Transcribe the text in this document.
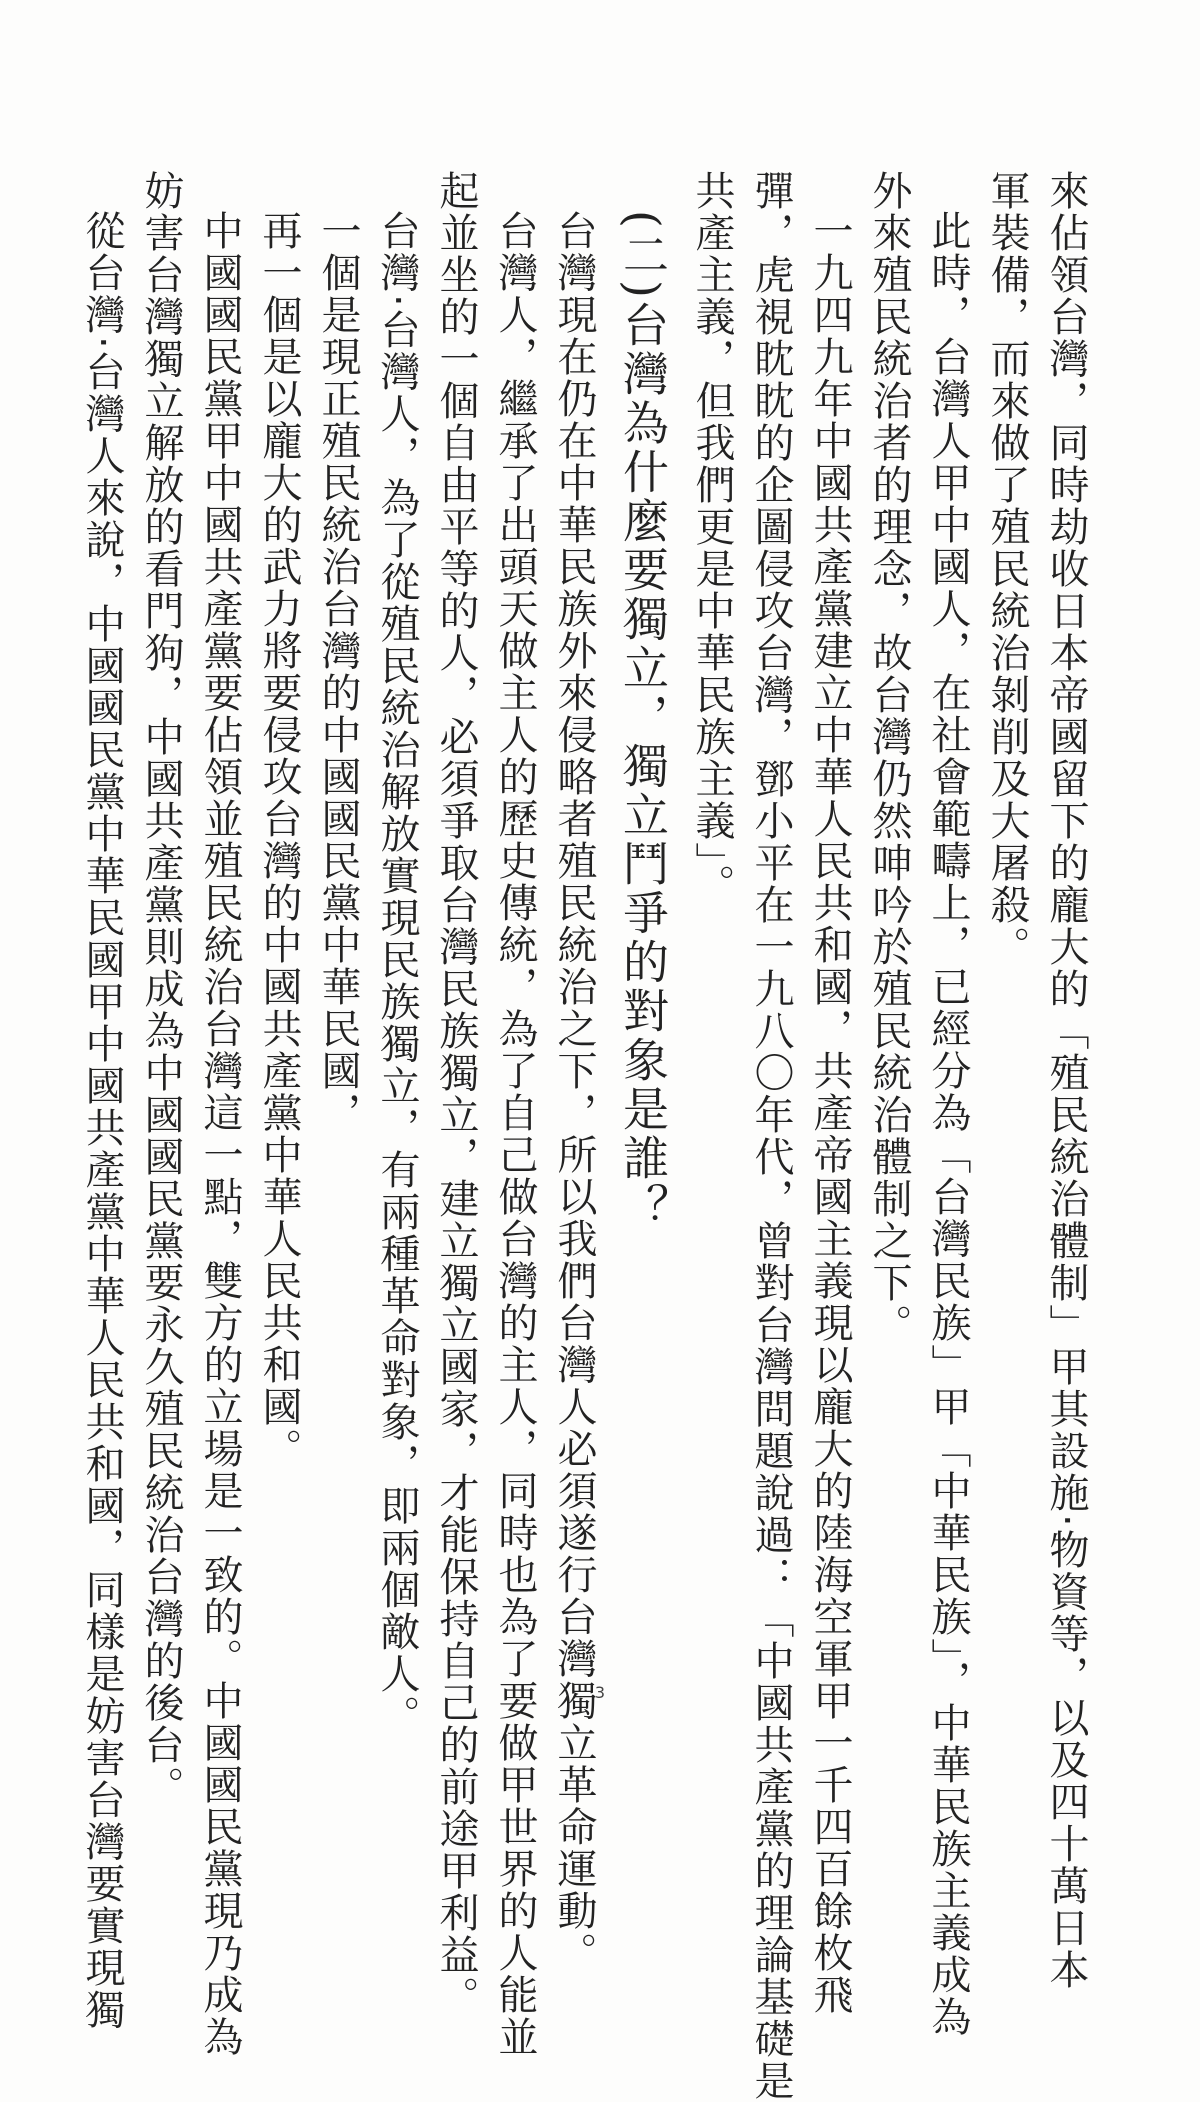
來佔領台灣，同時劫收日本帝國留下的龐大的「殖民統治體制」甲其設施‧物資等，以及四十萬日本

軍裝備，而來做了殖民統治剝削及大屠殺。

此時，台灣人甲中國人，在社會範疇上，已經分為「台灣民族」甲「中華民族」，中華民族主義成為

外來殖民統治者的理念，故台灣仍然呻吟於殖民統治體制之下。

一九四九年中國共產黨建立中華人民共和國，共產帝國主義現以龐大的陸海空軍甲一千四百餘枚飛

彈，虎視眈眈的企圖侵攻台灣，鄧小平在一九八〇年代，曾對台灣問題說過：「中國共產黨的理論基礎是

共產主義，但我們更是中華民族主義」。

(二)台灣為什麼要獨立，獨立鬥爭的對象是誰？

台灣現在仍在中華民族外來侵略者殖民統治之下，所以我們台灣人必須遂行台灣獨立革命運動。

台灣人，繼承了出頭天做主人的歷史傳統，為了自己做台灣的主人，同時也為了要做甲世界的人能並

起並坐的一個自由平等的人，必須爭取台灣民族獨立，建立獨立國家，才能保持自己的前途甲利益。

台灣‧台灣人，為了從殖民統治解放實現民族獨立，有兩種革命對象，即兩個敵人。

一個是現正殖民統治台灣的中國國民黨中華民國，

再一個是以龐大的武力將要侵攻台灣的中國共產黨中華人民共和國。

中國國民黨甲中國共產黨要佔領並殖民統治台灣這一點，雙方的立場是一致的。中國國民黨現乃成為

妨害台灣獨立解放的看門狗，中國共產黨則成為中國國民黨要永久殖民統治台灣的後台。

從台灣‧台灣人來說，中國國民黨中華民國甲中國共產黨中華人民共和國，同樣是妨害台灣要實現獨	3
